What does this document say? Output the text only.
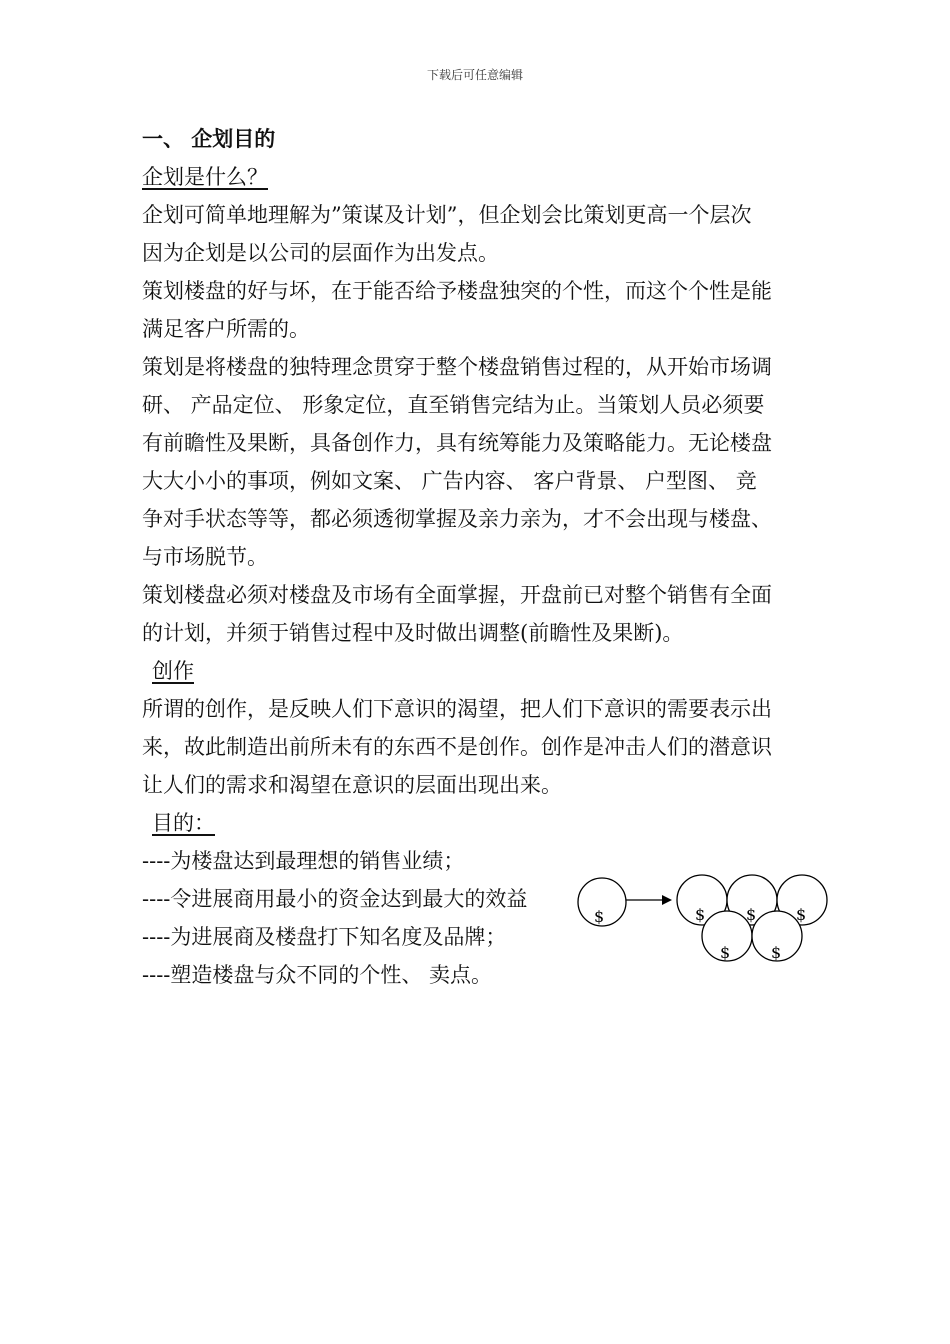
下载后可任意编辑
一、 企划目的
企划是什么？
企划可简单地理解为”策谋及计划”，但企划会比策划更高一个层次
因为企划是以公司的层面作为出发点。
策划楼盘的好与坏，在于能否给予楼盘独突的个性，而这个个性是能
满足客户所需的。
策划是将楼盘的独特理念贯穿于整个楼盘销售过程的，从开始市场调
研、 产品定位、 形象定位，直至销售完结为止。当策划人员必须要
有前瞻性及果断，具备创作力，具有统筹能力及策略能力。无论楼盘
大大小小的事项，例如文案、 广告内容、 客户背景、 户型图、 竞
争对手状态等等，都必须透彻掌握及亲力亲为，才不会出现与楼盘、
与市场脱节。
策划楼盘必须对楼盘及市场有全面掌握，开盘前已对整个销售有全面
的计划，并须于销售过程中及时做出调整(前瞻性及果断)。
创作
所谓的创作，是反映人们下意识的渴望，把人们下意识的需要表示出
来，故此制造出前所未有的东西不是创作。创作是冲击人们的潜意识
让人们的需求和渴望在意识的层面出现出来。
目的：
----为楼盘达到最理想的销售业绩；
----令进展商用最小的资金达到最大的效益
----为进展商及楼盘打下知名度及品牌；
----塑造楼盘与众不同的个性、 卖点。
$	$	$ $
$	$
